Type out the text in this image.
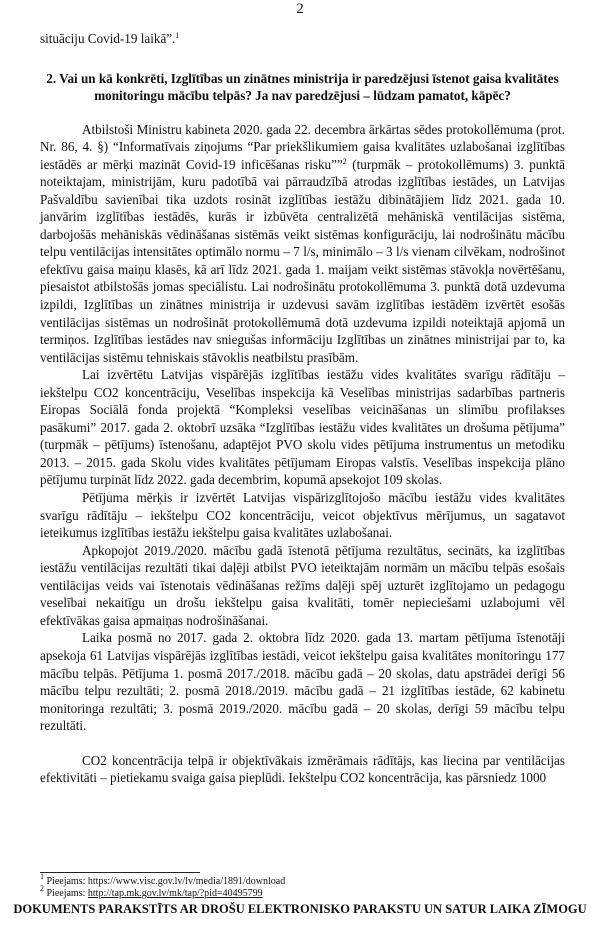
2

situāciju Covid-19 laikā”.$^1$

2. Vai un kā konkrēti, Izglītības un zinātnes ministrija ir paredzējusi īstenot gaisa kvalitātes monitoringu mācību telpās? Ja nav paredzējusi – lūdzam pamatot, kāpēc?

Atbilstoši Ministru kabineta 2020. gada 22. decembra ārkārtas sēdes protokollēmuma (prot. Nr. 86, 4. §) “Informatīvais ziņojums “Par priekšlikumiem gaisa kvalitātes uzlabošanai izglītības iestādēs ar mērķi mazināt Covid-19 inficēšanas risku””$^2$ (turpmāk – protokollēmums) 3. punktā noteiktajam, ministrijām, kuru padotībā vai pārraudzībā atrodas izglītības iestādes, un Latvijas Pašvaldību savienībai tika uzdots rosināt izglītības iestāžu dibinātājiem līdz 2021. gada 10. janvārim izglītības iestādēs, kurās ir izbūvēta centralizētā mehāniskā ventilācijas sistēma, darbojošās mehāniskās vēdināšanas sistēmās veikt sistēmas konfigurāciju, lai nodrošinātu mācību telpu ventilācijas intensitātes optimālo normu – 7 l/s, minimālo – 3 l/s vienam cilvēkam, nodrošinot efektīvu gaisa maiņu klasēs, kā arī līdz 2021. gada 1. maijam veikt sistēmas stāvokļa novērtēšanu, piesaistot atbilstošās jomas speciālistu. Lai nodrošinātu protokollēmuma 3. punktā dotā uzdevuma izpildi, Izglītības un zinātnes ministrija ir uzdevusi savām izglītības iestādēm izvērtēt esošās ventilācijas sistēmas un nodrošināt protokollēmumā dotā uzdevuma izpildi noteiktajā apjomā un termiņos. Izglītības iestādes nav sniegušas informāciju Izglītības un zinātnes ministrijai par to, ka ventilācijas sistēmu tehniskais stāvoklis neatbilstu prasībām.

Lai izvērtētu Latvijas vispārējās izglītības iestāžu vides kvalitātes svarīgu rādītāju – iekštelpu CO2 koncentrāciju, Veselības inspekcija kā Veselības ministrijas sadarbības partneris Eiropas Sociālā fonda projektā “Kompleksi veselības veicināšanas un slimību profilakses pasākumi” 2017. gada 2. oktobrī uzsāka “Izglītības iestāžu vides kvalitātes un drošuma pētījuma” (turpmāk – pētījums) īstenošanu, adaptējot PVO skolu vides pētījuma instrumentus un metodiku 2013. – 2015. gada Skolu vides kvalitātes pētījumam Eiropas valstīs. Veselības inspekcija plāno pētījumu turpināt līdz 2022. gada decembrim, kopumā apsekojot 109 skolas.

Pētījuma mērķis ir izvērtēt Latvijas vispārizglītojošo mācību iestāžu vides kvalitātes svarīgu rādītāju – iekštelpu CO2 koncentrāciju, veicot objektīvus mērījumus, un sagatavot ieteikumus izglītības iestāžu iekštelpu gaisa kvalitātes uzlabošanai.

Apkopojot 2019./2020. mācību gadā īstenotā pētījuma rezultātus, secināts, ka izglītības iestāžu ventilācijas rezultāti tikai daļēji atbilst PVO ieteiktajām normām un mācību telpās esošais ventilācijas veids vai īstenotais vēdināšanas režīms daļēji spēj uzturēt izglītojamo un pedagogu veselībai nekaitīgu un drošu iekštelpu gaisa kvalitāti, tomēr nepieciešami uzlabojumi vēl efektīvākas gaisa apmaiņas nodrošināšanai.

Laika posmā no 2017. gada 2. oktobra līdz 2020. gada 13. martam pētījuma īstenotāji apsekoja 61 Latvijas vispārējās izglītības iestādi, veicot iekštelpu gaisa kvalitātes monitoringu 177 mācību telpās. Pētījuma 1. posmā 2017./2018. mācību gadā – 20 skolas, datu apstrādei derīgi 56 mācību telpu rezultāti; 2. posmā 2018./2019. mācību gadā – 21 izglītības iestāde, 62 kabinetu monitoringa rezultāti; 3. posmā 2019./2020. mācību gadā – 20 skolas, derīgi 59 mācību telpu rezultāti.

CO2 koncentrācija telpā ir objektīvākais izmērāmais rādītājs, kas liecina par ventilācijas efektivitāti – pietiekamu svaiga gaisa pieplūdi. Iekštelpu CO2 koncentrācija, kas pārsniedz 1000

$^1$ Pieejams: https://www.visc.gov.lv/lv/media/1891/download

$^2$ Pieejams: http://tap.mk.gov.lv/mk/tap/?pid=40495799

DOKUMENTS PARAKSTĪTS AR DROŠU ELEKTRONISKO PARAKSTU UN SATUR LAIKA ZĪMOGU
